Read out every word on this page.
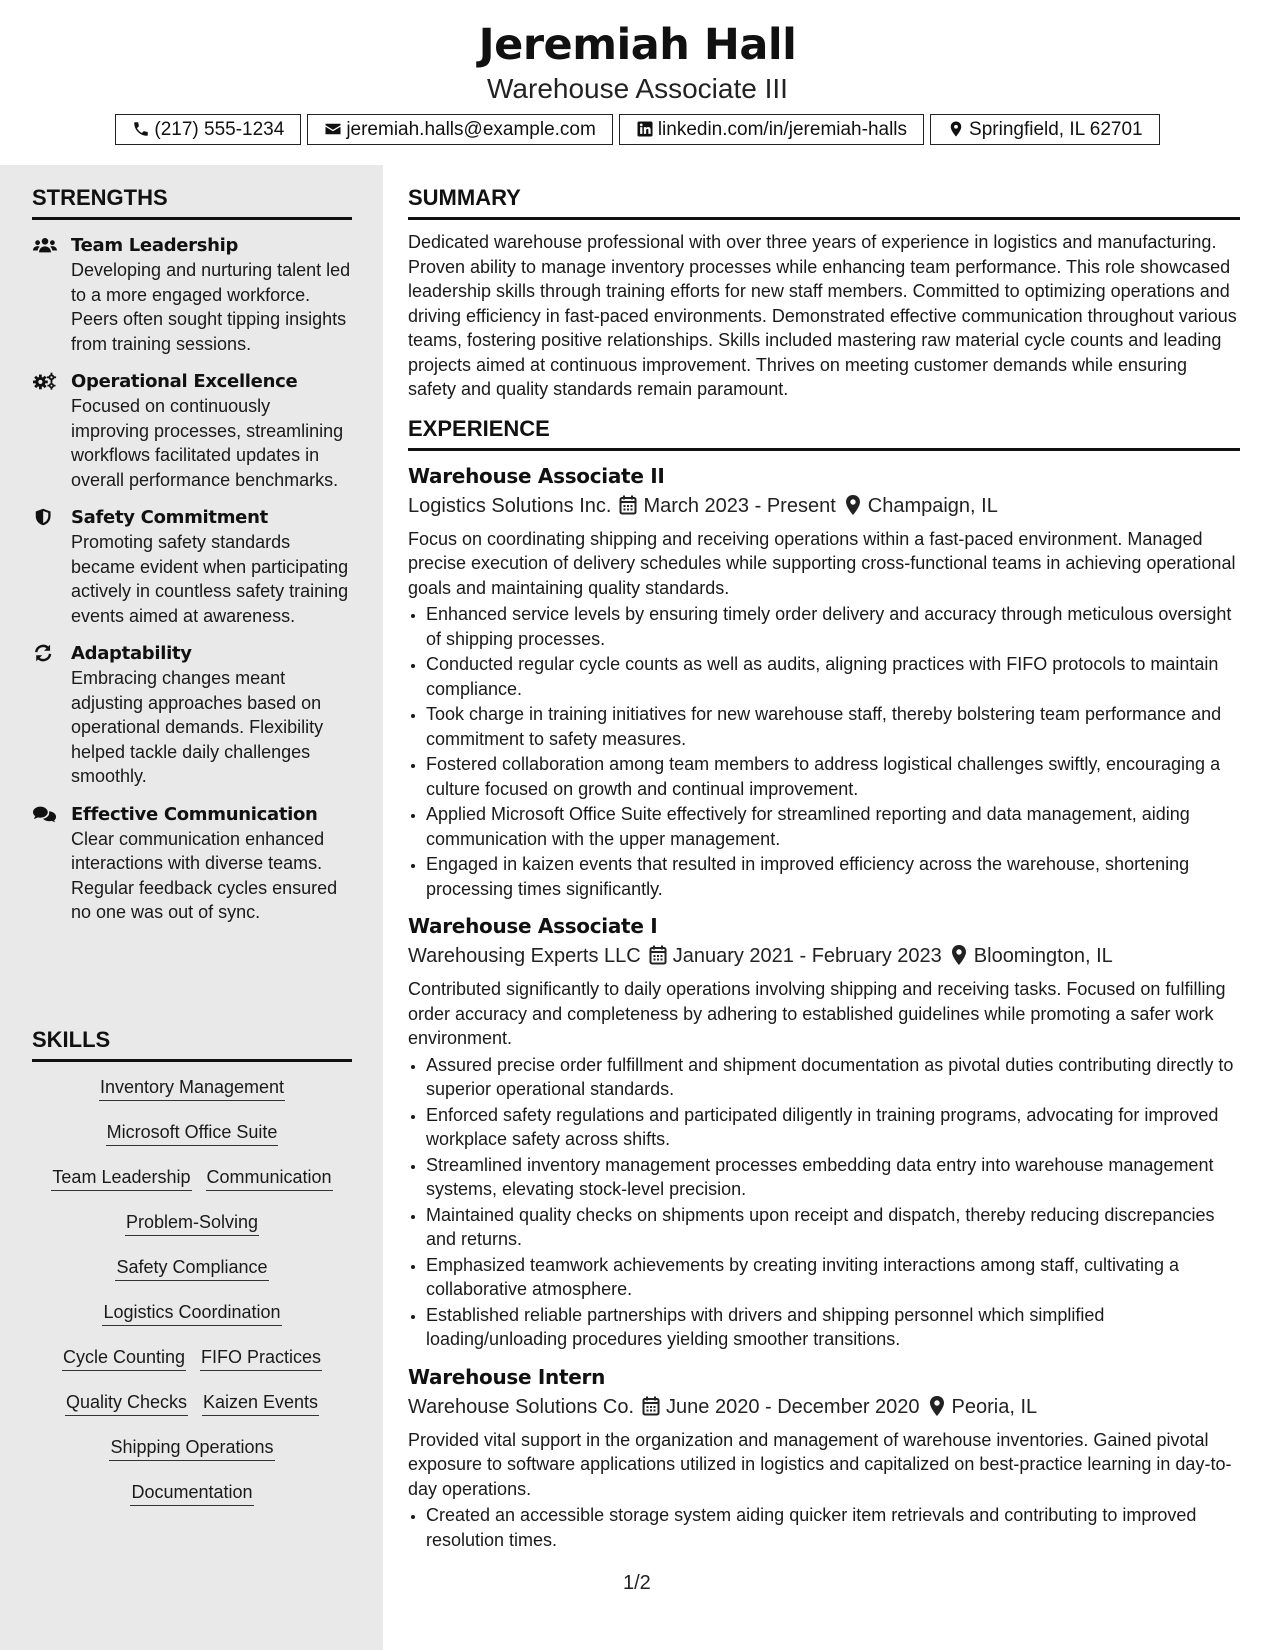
Jeremiah Hall
Warehouse Associate III
(217) 555-1234	jeremiah.halls@example.com	linkedin.com/in/jeremiah-halls	Springfield, IL 62701
STRENGTHS
Team Leadership
Developing and nurturing talent led to a more engaged workforce. Peers often sought tipping insights from training sessions.
Operational Excellence
Focused on continuously improving processes, streamlining workflows facilitated updates in overall performance benchmarks.
Safety Commitment
Promoting safety standards became evident when participating actively in countless safety training events aimed at awareness.
Adaptability
Embracing changes meant adjusting approaches based on operational demands. Flexibility helped tackle daily challenges smoothly.
Effective Communication
Clear communication enhanced interactions with diverse teams. Regular feedback cycles ensured no one was out of sync.
SKILLS
Inventory Management
Microsoft Office Suite
Team Leadership Communication
Problem-Solving
Safety Compliance
Logistics Coordination
Cycle Counting FIFO Practices
Quality Checks Kaizen Events
Shipping Operations
Documentation
SUMMARY
Dedicated warehouse professional with over three years of experience in logistics and manufacturing. Proven ability to manage inventory processes while enhancing team performance. This role showcased leadership skills through training efforts for new staff members. Committed to optimizing operations and driving efficiency in fast-paced environments. Demonstrated effective communication throughout various teams, fostering positive relationships. Skills included mastering raw material cycle counts and leading projects aimed at continuous improvement. Thrives on meeting customer demands while ensuring safety and quality standards remain paramount.
EXPERIENCE
Warehouse Associate II
Logistics Solutions Inc. March 2023 - Present Champaign, IL
Focus on coordinating shipping and receiving operations within a fast-paced environment. Managed precise execution of delivery schedules while supporting cross-functional teams in achieving operational goals and maintaining quality standards.
• Enhanced service levels by ensuring timely order delivery and accuracy through meticulous oversight of shipping processes.
• Conducted regular cycle counts as well as audits, aligning practices with FIFO protocols to maintain compliance.
• Took charge in training initiatives for new warehouse staff, thereby bolstering team performance and commitment to safety measures.
• Fostered collaboration among team members to address logistical challenges swiftly, encouraging a culture focused on growth and continual improvement.
• Applied Microsoft Office Suite effectively for streamlined reporting and data management, aiding communication with the upper management.
• Engaged in kaizen events that resulted in improved efficiency across the warehouse, shortening processing times significantly.
Warehouse Associate I
Warehousing Experts LLC January 2021 - February 2023 Bloomington, IL
Contributed significantly to daily operations involving shipping and receiving tasks. Focused on fulfilling order accuracy and completeness by adhering to established guidelines while promoting a safer work environment.
• Assured precise order fulfillment and shipment documentation as pivotal duties contributing directly to superior operational standards.
• Enforced safety regulations and participated diligently in training programs, advocating for improved workplace safety across shifts.
• Streamlined inventory management processes embedding data entry into warehouse management systems, elevating stock-level precision.
• Maintained quality checks on shipments upon receipt and dispatch, thereby reducing discrepancies and returns.
• Emphasized teamwork achievements by creating inviting interactions among staff, cultivating a collaborative atmosphere.
• Established reliable partnerships with drivers and shipping personnel which simplified loading/unloading procedures yielding smoother transitions.
Warehouse Intern
Warehouse Solutions Co. June 2020 - December 2020 Peoria, IL
Provided vital support in the organization and management of warehouse inventories. Gained pivotal exposure to software applications utilized in logistics and capitalized on best-practice learning in day-to-day operations.
• Created an accessible storage system aiding quicker item retrievals and contributing to improved resolution times.
1/2
